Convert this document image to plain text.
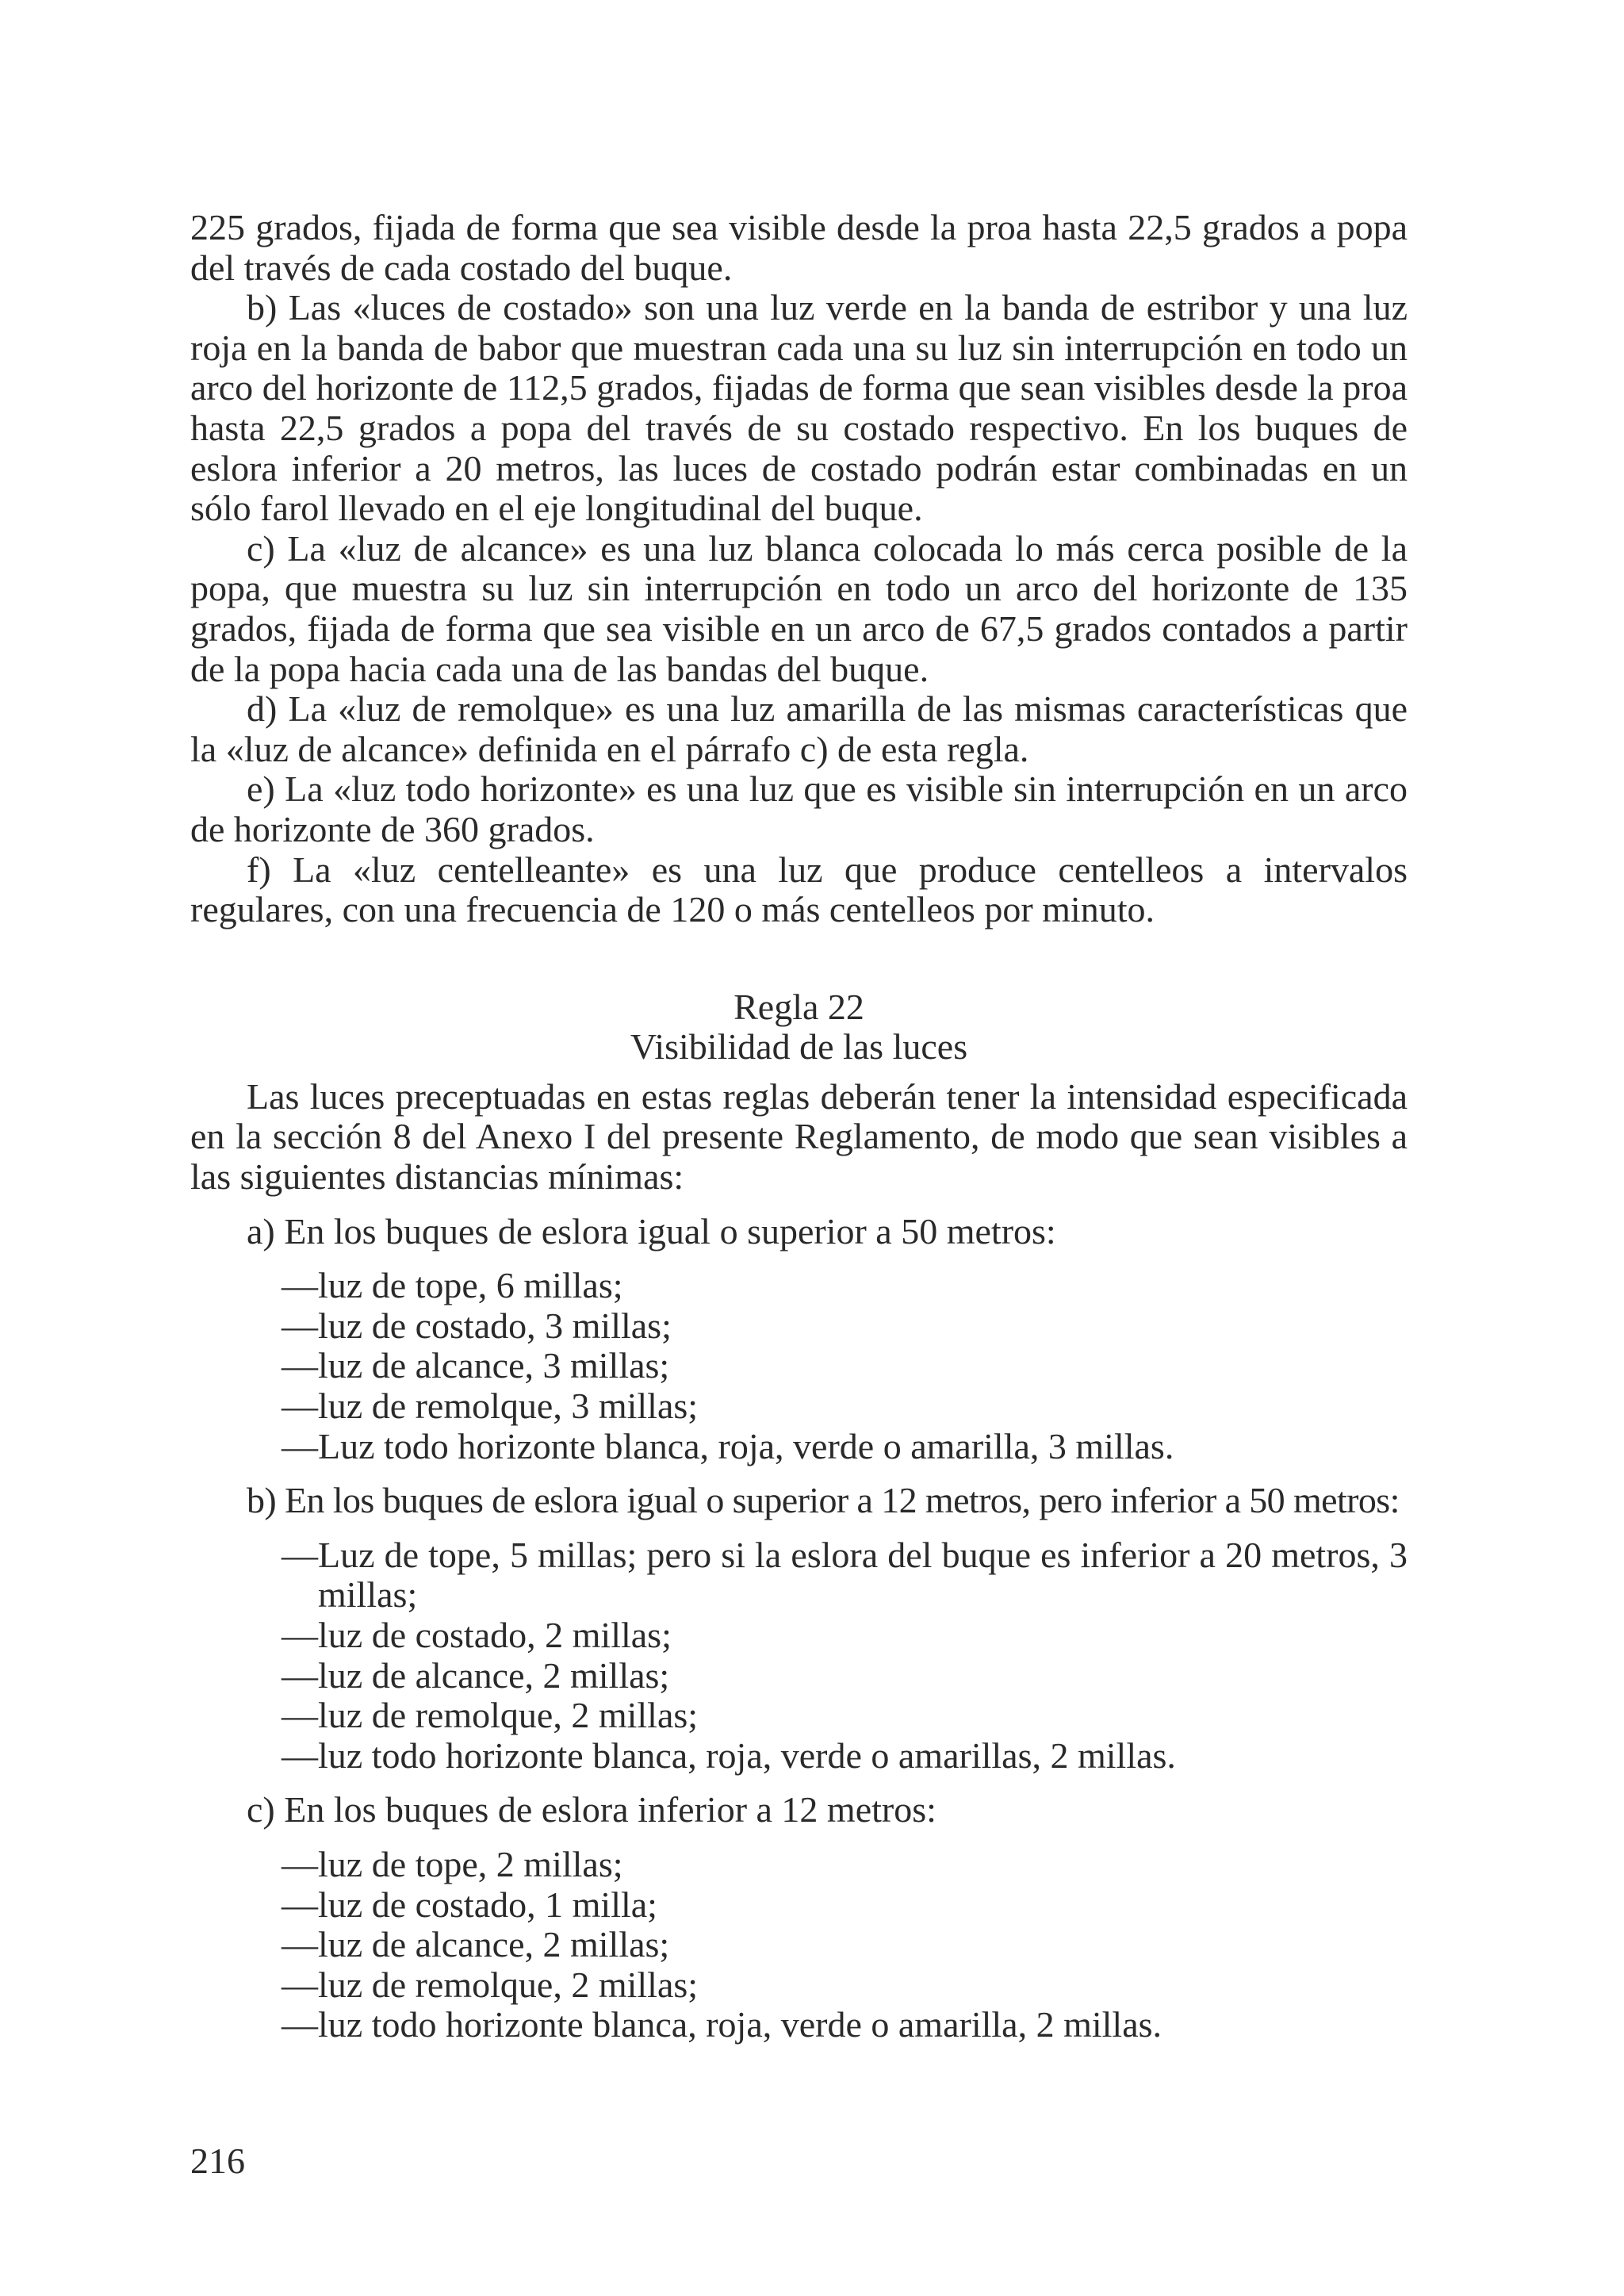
225 grados, fijada de forma que sea visible desde la proa hasta 22,5 grados a popa del través de cada costado del buque.

b) Las «luces de costado» son una luz verde en la banda de estribor y una luz roja en la banda de babor que muestran cada una su luz sin interrupción en todo un arco del horizonte de 112,5 grados, fijadas de forma que sean visibles desde la proa hasta 22,5 grados a popa del través de su costado respectivo. En los buques de eslora inferior a 20 metros, las luces de costado podrán estar combinadas en un sólo farol llevado en el eje longitudinal del buque.

c) La «luz de alcance» es una luz blanca colocada lo más cerca posible de la popa, que muestra su luz sin interrupción en todo un arco del horizonte de 135 grados, fijada de forma que sea visible en un arco de 67,5 grados contados a partir de la popa hacia cada una de las bandas del buque.

d) La «luz de remolque» es una luz amarilla de las mismas características que la «luz de alcance» definida en el párrafo c) de esta regla.

e) La «luz todo horizonte» es una luz que es visible sin interrupción en un arco de horizonte de 360 grados.

f) La «luz centelleante» es una luz que produce centelleos a intervalos regulares, con una frecuencia de 120 o más centelleos por minuto.

Regla 22

Visibilidad de las luces

Las luces preceptuadas en estas reglas deberán tener la intensidad especificada en la sección 8 del Anexo I del presente Reglamento, de modo que sean visibles a las siguientes distancias mínimas:

a) En los buques de eslora igual o superior a 50 metros:

—luz de tope, 6 millas;
—luz de costado, 3 millas;
—luz de alcance, 3 millas;
—luz de remolque, 3 millas;
—Luz todo horizonte blanca, roja, verde o amarilla, 3 millas.

b) En los buques de eslora igual o superior a 12 metros, pero inferior a 50 metros:

—Luz de tope, 5 millas; pero si la eslora del buque es inferior a 20 metros, 3 millas;
—luz de costado, 2 millas;
—luz de alcance, 2 millas;
—luz de remolque, 2 millas;
—luz todo horizonte blanca, roja, verde o amarillas, 2 millas.

c) En los buques de eslora inferior a 12 metros:

—luz de tope, 2 millas;
—luz de costado, 1 milla;
—luz de alcance, 2 millas;
—luz de remolque, 2 millas;
—luz todo horizonte blanca, roja, verde o amarilla, 2 millas.

216
